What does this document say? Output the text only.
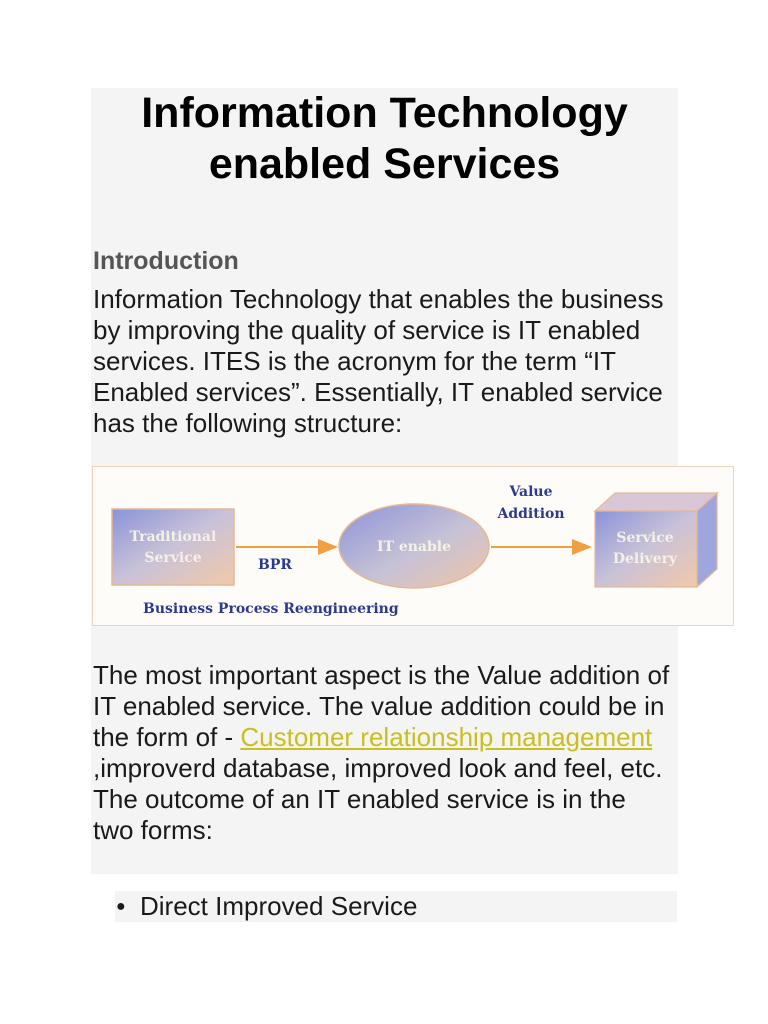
Information Technology
enabled Services
Introduction

Information Technology that enables the business by improving the quality of service is IT enabled services. ITES is the acronym for the term “IT Enabled services”. Essentially, IT enabled service has the following structure:

Traditional
Service	BPR
IT enable
Value
Addition
Service
Delivery
Business Process Reengineering

The most important aspect is the Value addition of IT enabled service. The value addition could be in the form of - Customer relationship management ,improverd database, improved look and feel, etc. The outcome of an IT enabled service is in the two forms:

● Direct Improved Service
